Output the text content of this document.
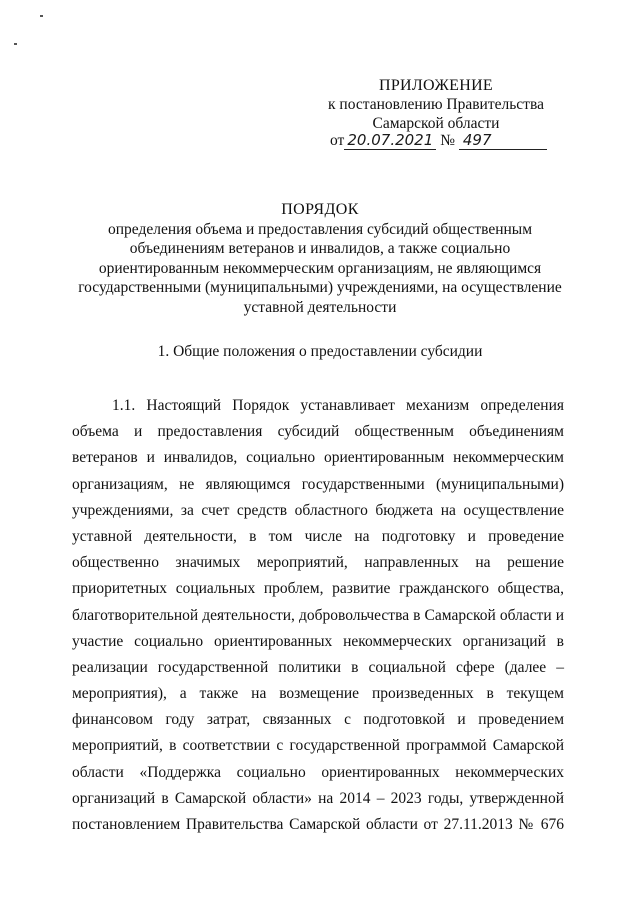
ПРИЛОЖЕНИЕ
к постановлению Правительства
Самарской области
от 20.07.2021 № 497
ПОРЯДОК
определения объема и предоставления субсидий общественным
объединениям ветеранов и инвалидов, а также социально
ориентированным некоммерческим организациям, не являющимся
государственными (муниципальными) учреждениями, на осуществление
уставной деятельности
1. Общие положения о предоставлении субсидии
1.1. Настоящий Порядок устанавливает механизм определения
объема и предоставления субсидий общественным объединениям
ветеранов и инвалидов, социально ориентированным некоммерческим
организациям, не являющимся государственными (муниципальными)
учреждениями, за счет средств областного бюджета на осуществление
уставной деятельности, в том числе на подготовку и проведение
общественно значимых мероприятий, направленных на решение
приоритетных социальных проблем, развитие гражданского общества,
благотворительной деятельности, добровольчества в Самарской области и
участие социально ориентированных некоммерческих организаций в
реализации государственной политики в социальной сфере (далее –
мероприятия), а также на возмещение произведенных в текущем
финансовом году затрат, связанных с подготовкой и проведением
мероприятий, в соответствии с государственной программой Самарской
области «Поддержка социально ориентированных некоммерческих
организаций в Самарской области» на 2014 – 2023 годы, утвержденной
постановлением Правительства Самарской области от 27.11.2013 № 676
